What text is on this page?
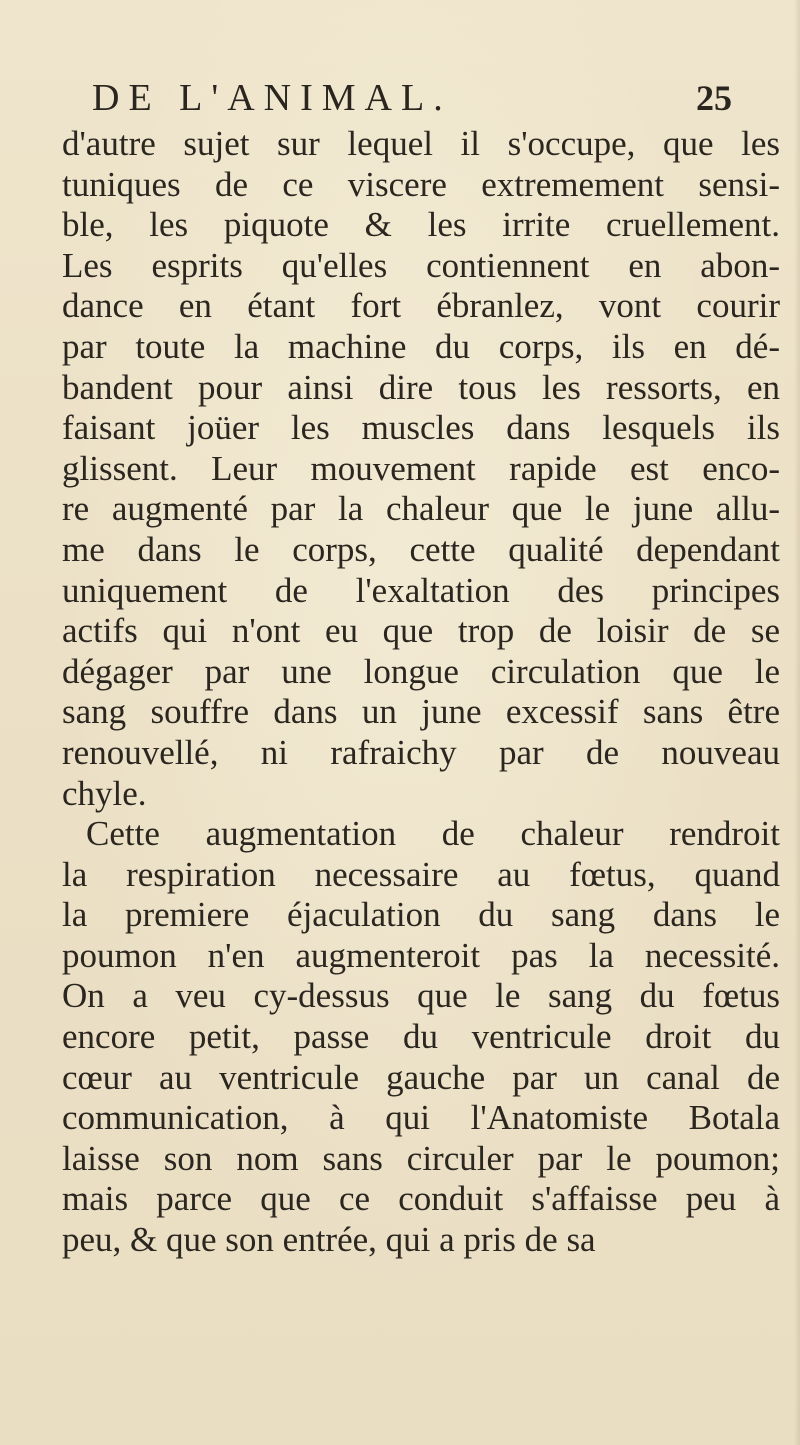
DE L'ANIMAL.	25
d'autre sujet sur lequel il s'occupe, que les
tuniques de ce viscere extremement sensi-
ble, les piquote & les irrite cruellement.
Les esprits qu'elles contiennent en abon-
dance en étant fort ébranlez, vont courir
par toute la machine du corps, ils en dé-
bandent pour ainsi dire tous les ressorts, en
faisant joüer les muscles dans lesquels ils
glissent. Leur mouvement rapide est enco-
re augmenté par la chaleur que le june allu-
me dans le corps, cette qualité dependant
uniquement de l'exaltation des principes
actifs qui n'ont eu que trop de loisir de se
dégager par une longue circulation que le
sang souffre dans un june excessif sans être
renouvellé, ni rafraichy par de nouveau
chyle.
Cette augmentation de chaleur rendroit
la respiration necessaire au fœtus, quand
la premiere éjaculation du sang dans le
poumon n'en augmenteroit pas la necessité.
On a veu cy-dessus que le sang du fœtus
encore petit, passe du ventricule droit du
cœur au ventricule gauche par un canal de
communication, à qui l'Anatomiste Botala
laisse son nom sans circuler par le poumon;
mais parce que ce conduit s'affaisse peu à
peu, & que son entrée, qui a pris de sa
